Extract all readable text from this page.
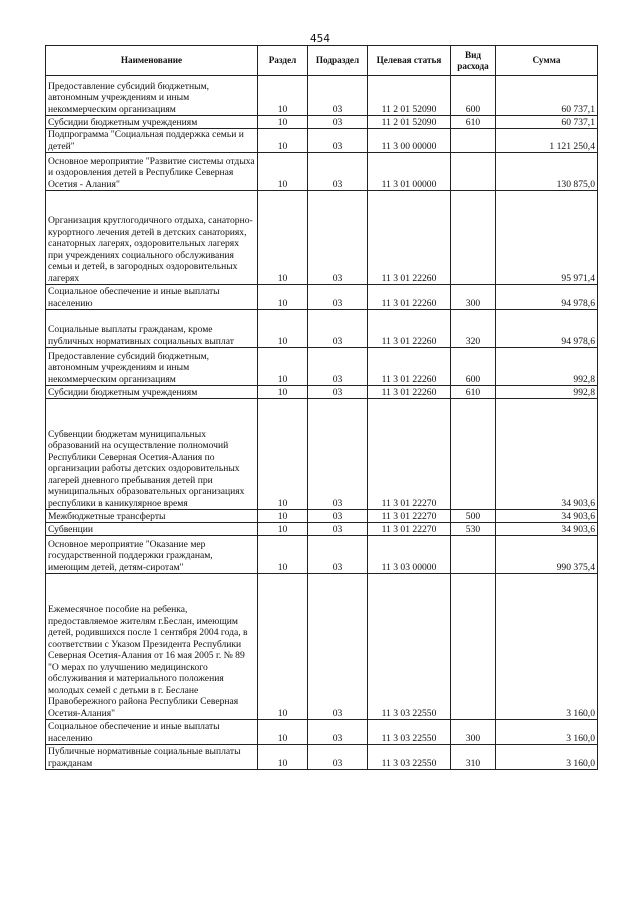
454
Наименование	Раздел	Подраздел	Целевая статья	Вид расхода	Сумма
Предоставление субсидий бюджетным, автономным учреждениям и иным некоммерческим организациям	10	03	11 2 01 52090	600	60 737,1
Субсидии бюджетным учреждениям	10	03	11 2 01 52090	610	60 737,1
Подпрограмма "Социальная поддержка семьи и детей"	10	03	11 3 00 00000		1 121 250,4
Основное мероприятие "Развитие системы отдыха и оздоровления детей в Республике Северная Осетия - Алания"	10	03	11 3 01 00000		130 875,0
Организация круглогодичного отдыха, санаторно-курортного лечения детей в детских санаториях, санаторных лагерях, оздоровительных лагерях при учреждениях социального обслуживания семьи и детей, в загородных оздоровительных лагерях	10	03	11 3 01 22260		95 971,4
Социальное обеспечение и иные выплаты населению	10	03	11 3 01 22260	300	94 978,6
Социальные выплаты гражданам, кроме публичных нормативных социальных выплат	10	03	11 3 01 22260	320	94 978,6
Предоставление субсидий бюджетным, автономным учреждениям и иным некоммерческим организациям	10	03	11 3 01 22260	600	992,8
Субсидии бюджетным учреждениям	10	03	11 3 01 22260	610	992,8
Субвенции бюджетам муниципальных образований на осуществление полномочий Республики Северная Осетия-Алания по организации работы детских оздоровительных лагерей дневного пребывания детей при муниципальных образовательных организациях республики в каникулярное время	10	03	11 3 01 22270		34 903,6
Межбюджетные трансферты	10	03	11 3 01 22270	500	34 903,6
Субвенции	10	03	11 3 01 22270	530	34 903,6
Основное мероприятие "Оказание мер государственной поддержки гражданам, имеющим детей, детям-сиротам"	10	03	11 3 03 00000		990 375,4
Ежемесячное пособие на ребенка, предоставляемое жителям г.Беслан, имеющим детей, родившихся после 1 сентября 2004 года, в соответствии с Указом Президента Республики Северная Осетия-Алания от 16 мая 2005 г. № 89 "О мерах по улучшению медицинского обслуживания и материального положения молодых семей с детьми в г. Беслане Правобережного района Республики Северная Осетия-Алания"	10	03	11 3 03 22550		3 160,0
Социальное обеспечение и иные выплаты населению	10	03	11 3 03 22550	300	3 160,0
Публичные нормативные социальные выплаты гражданам	10	03	11 3 03 22550	310	3 160,0
